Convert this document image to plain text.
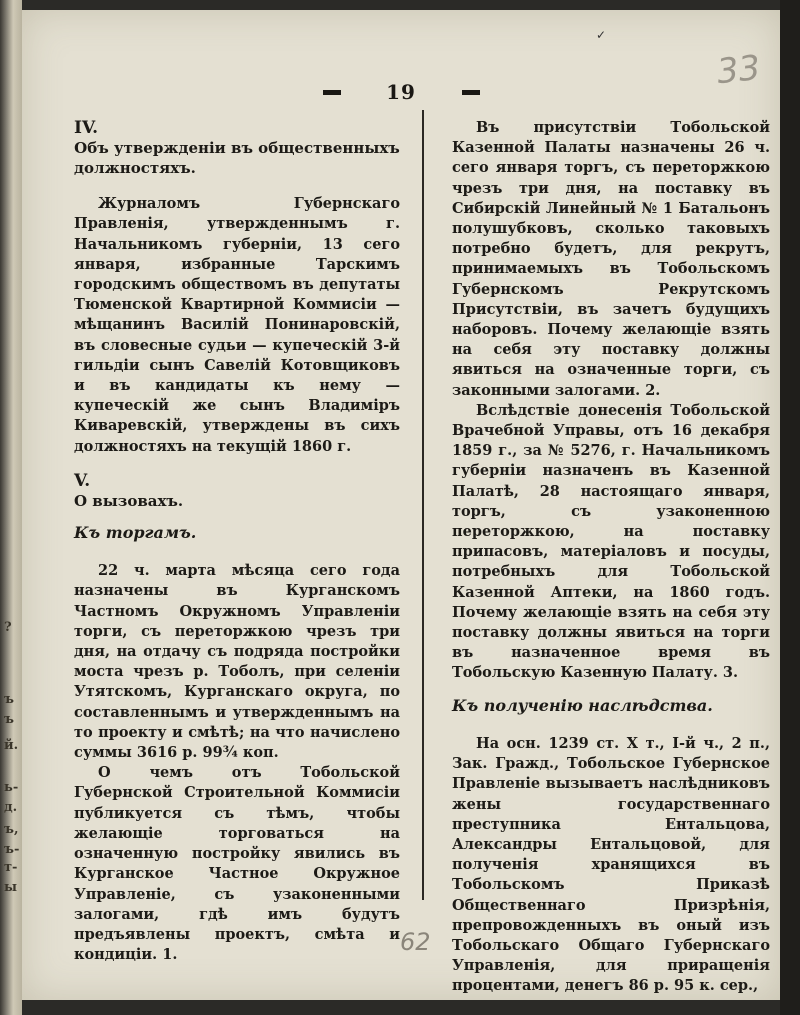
?
ъ
ъ
й.
ь-
д.
ъ,
ъ-
т-
ы
✓
33
19

IV.

Объ утвержденiи въ общественныхъ должностяхъ.

Журналомъ Губернскаго Правленiя, утвержденнымъ г. Начальникомъ губернiи, 13 сего января, избранные Тарскимъ городскимъ обществомъ въ депутаты Тюменской Квартирной Коммисiи — мѣщанинъ Василiй Понинаровскiй, въ словесные судьи — купеческiй 3-й гильдiи сынъ Савелiй Котовщиковъ и въ кандидаты къ нему — купеческiй же сынъ Владимiръ Киваревскiй, утверждены въ сихъ должностяхъ на текущiй 1860 г.

V.

О вызовахъ.

Къ торгамъ.

22 ч. марта мѣсяца сего года назначены въ Курганскомъ Частномъ Окружномъ Управленiи торги, съ переторжкою чрезъ три дня, на отдачу съ подряда постройки моста чрезъ р. Тоболъ, при селенiи Утятскомъ, Курганскаго округа, по составленнымъ и утвержденнымъ на то проекту и смѣтѣ; на что начислено суммы 3616 р. 99¾ коп.

О чемъ отъ Тобольской Губернской Строительной Коммисiи публикуется съ тѣмъ, чтобы желающiе торговаться на означенную постройку явились въ Курганское Частное Окружное Управленiе, съ узаконенными залогами, гдѣ имъ будутъ предъявлены проектъ, смѣта и кондицiи. 1.

Въ присутствiи Тобольской Казенной Палаты назначены 26 ч. сего января торгъ, съ переторжкою чрезъ три дня, на поставку въ Сибирскiй Линейный № 1 Батальонъ полушубковъ, сколько таковыхъ потребно будетъ, для рекрутъ, принимаемыхъ въ Тобольскомъ Губернскомъ Рекрутскомъ Присутствiи, въ зачетъ будущихъ наборовъ. Почему желающiе взять на себя эту поставку должны явиться на означенные торги, съ законными залогами. 2.

Вслѣдствiе донесенiя Тобольской Врачебной Управы, отъ 16 декабря 1859 г., за № 5276, г. Начальникомъ губернiи назначенъ въ Казенной Палатѣ, 28 настоящаго января, торгъ, съ узаконенною переторжкою, на поставку припасовъ, матерiаловъ и посуды, потребныхъ для Тобольской Казенной Аптеки, на 1860 годъ. Почему желающiе взять на себя эту поставку должны явиться на торги въ назначенное время въ Тобольскую Казенную Палату. 3.

Къ полученiю наслѣдства.

На осн. 1239 ст. X т., I-й ч., 2 п., Зак. Гражд., Тобольское Губернское Правленiе вызываетъ наслѣдниковъ жены государственнаго преступника Ентальцова, Александры Ентальцовой, для полученiя хранящихся въ Тобольскомъ Приказѣ Общественнаго Призрѣнiя, препровожденныхъ въ оный изъ Тобольскаго Общаго Губернскаго Управленiя, для приращенiя процентами, денегъ 86 р. 95 к. сер.,

62
